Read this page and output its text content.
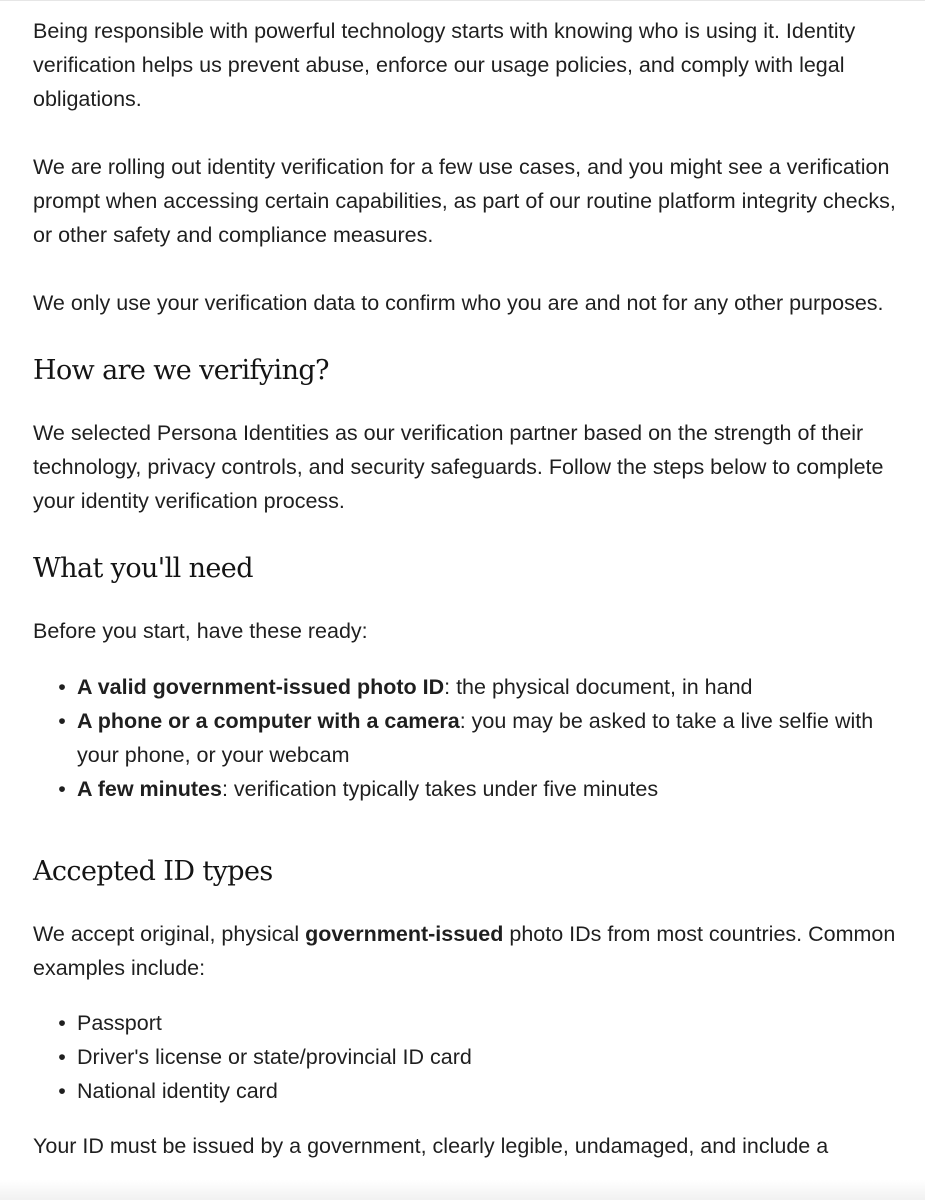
Being responsible with powerful technology starts with knowing who is using it. Identity verification helps us prevent abuse, enforce our usage policies, and comply with legal obligations.

We are rolling out identity verification for a few use cases, and you might see a verification prompt when accessing certain capabilities, as part of our routine platform integrity checks, or other safety and compliance measures.

We only use your verification data to confirm who you are and not for any other purposes.

How are we verifying?

We selected Persona Identities as our verification partner based on the strength of their technology, privacy controls, and security safeguards. Follow the steps below to complete your identity verification process.

What you'll need

Before you start, have these ready:

• A valid government-issued photo ID: the physical document, in hand
• A phone or a computer with a camera: you may be asked to take a live selfie with your phone, or your webcam
• A few minutes: verification typically takes under five minutes
Accepted ID types

We accept original, physical government-issued photo IDs from most countries. Common examples include:

• Passport
• Driver's license or state/provincial ID card
• National identity card

Your ID must be issued by a government, clearly legible, undamaged, and include a
